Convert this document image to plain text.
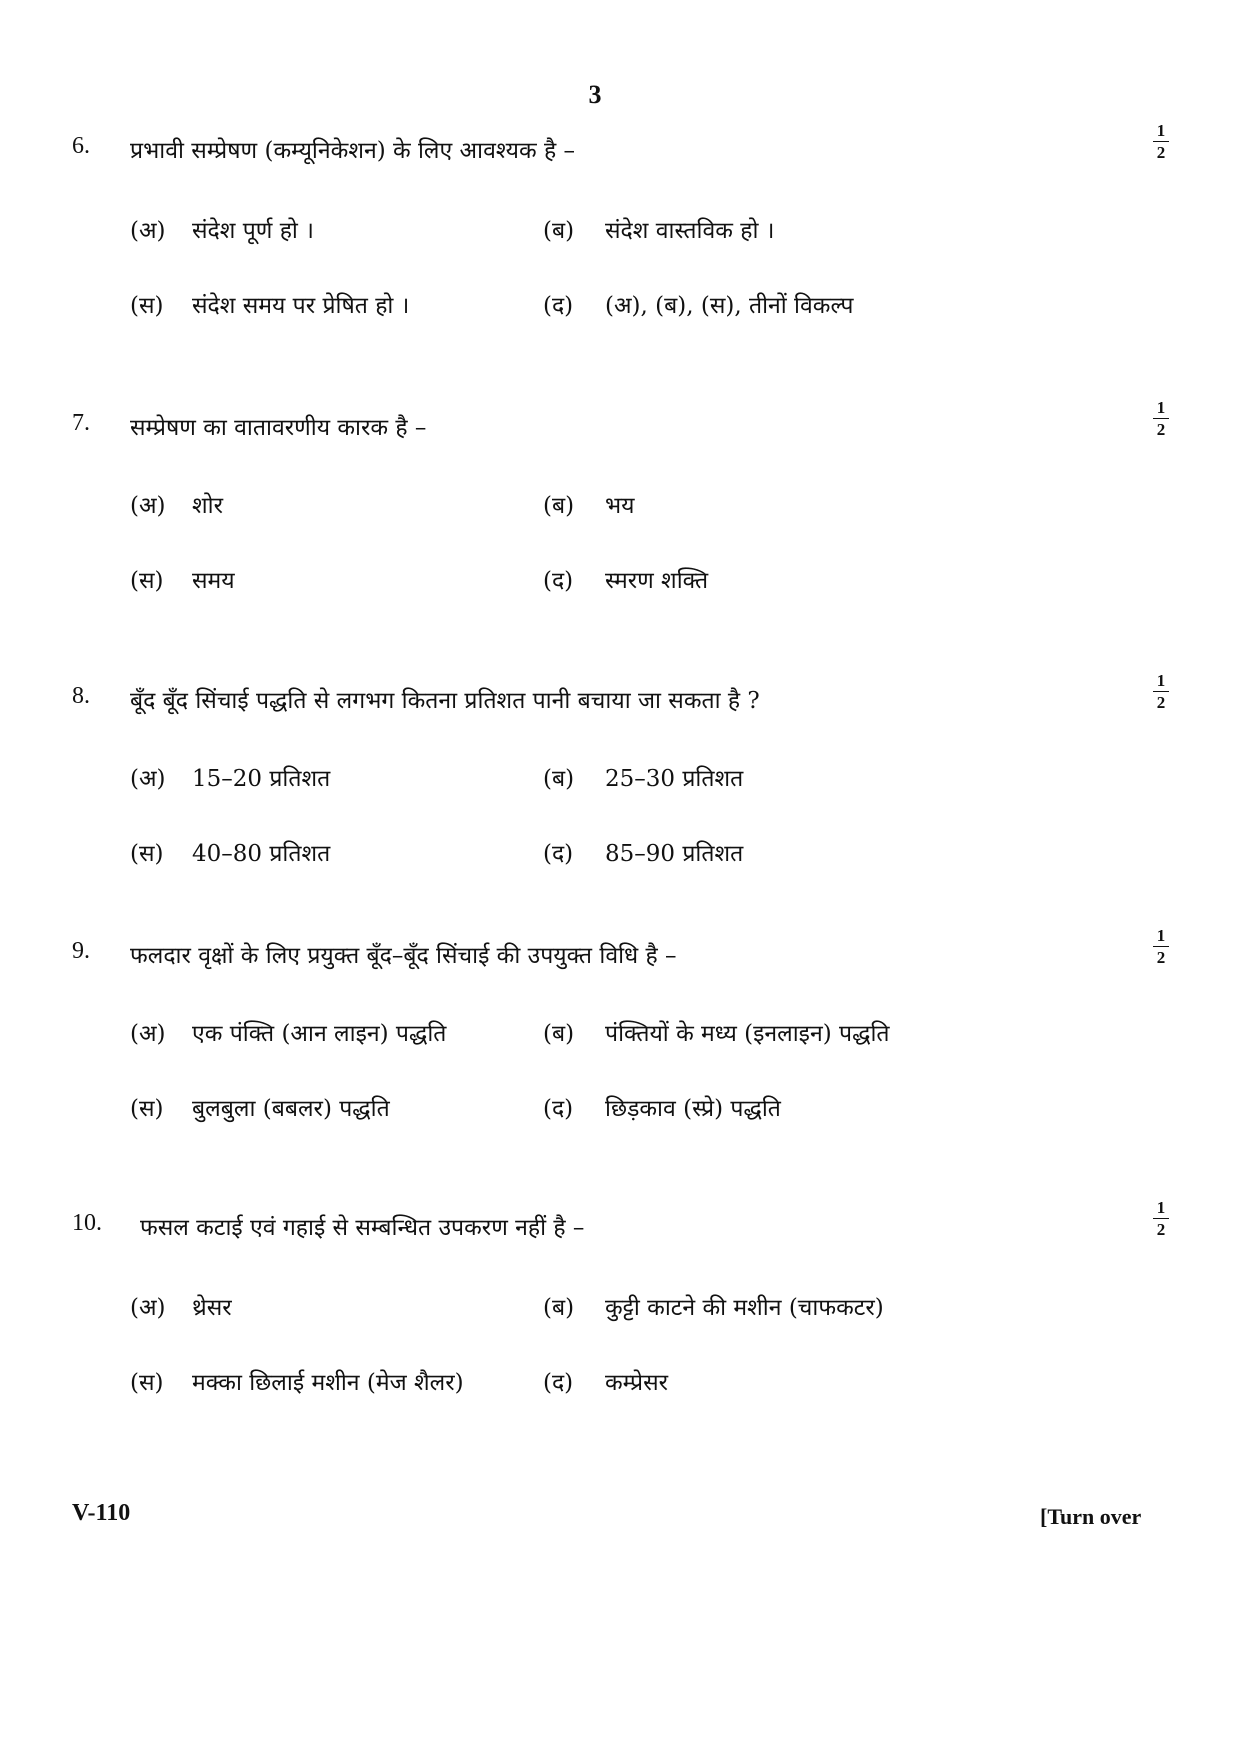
3
6. प्रभावी सम्प्रेषण (कम्यूनिकेशन) के लिए आवश्यक है –
1
2
(अ) संदेश पूर्ण हो ।	(ब) संदेश वास्तविक हो ।
(स) संदेश समय पर प्रेषित हो ।	(द) (अ), (ब), (स), तीनों विकल्प
7. सम्प्रेषण का वातावरणीय कारक है –
1
2
(अ) शोर	(ब) भय
(स) समय	(द) स्मरण शक्ति
8. बूँद बूँद सिंचाई पद्धति से लगभग कितना प्रतिशत पानी बचाया जा सकता है ?
1
2
(अ) 15–20 प्रतिशत	(ब) 25–30 प्रतिशत
(स) 40–80 प्रतिशत	(द) 85–90 प्रतिशत
9. फलदार वृक्षों के लिए प्रयुक्त बूँद–बूँद सिंचाई की उपयुक्त विधि है –
1
2
(अ) एक पंक्ति (आन लाइन) पद्धति	(ब) पंक्तियों के मध्य (इनलाइन) पद्धति
(स) बुलबुला (बबलर) पद्धति	(द) छिड़काव (स्प्रे) पद्धति
10. फसल कटाई एवं गहाई से सम्बन्धित उपकरण नहीं है –
1
2
(अ) थ्रेसर	(ब) कुट्टी काटने की मशीन (चाफकटर)
(स) मक्का छिलाई मशीन (मेज शैलर)	(द) कम्प्रेसर
V-110	[Turn over
